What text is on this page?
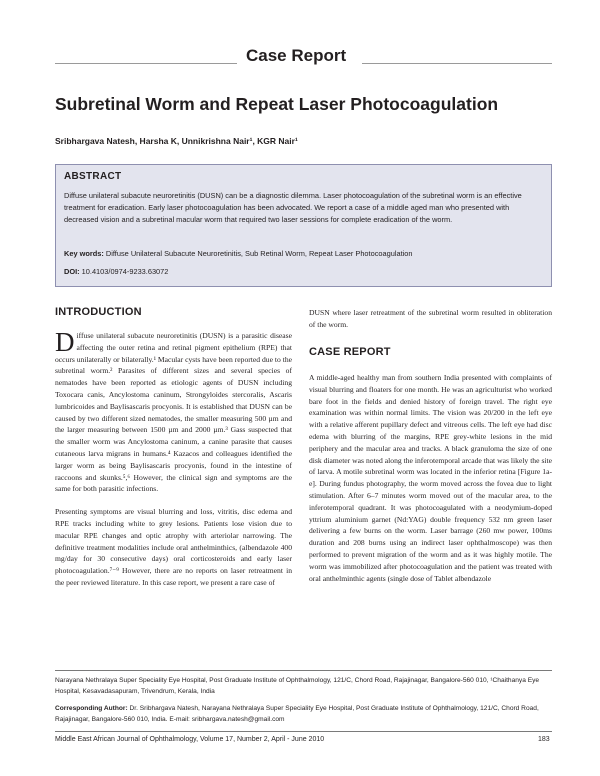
Case Report
Subretinal Worm and Repeat Laser Photocoagulation
Sribhargava Natesh, Harsha K, Unnikrishna Nair¹, KGR Nair¹
ABSTRACT
Diffuse unilateral subacute neuroretinitis (DUSN) can be a diagnostic dilemma. Laser photocoagulation of the subretinal worm is an effective treatment for eradication. Early laser photocoagulation has been advocated. We report a case of a middle aged man who presented with decreased vision and a subretinal macular worm that required two laser sessions for complete eradication of the worm.
Key words: Diffuse Unilateral Subacute Neuroretinitis, Sub Retinal Worm, Repeat Laser Photocoagulation
DOI: 10.4103/0974-9233.63072
INTRODUCTION

Diffuse unilateral subacute neuroretinitis (DUSN) is a parasitic disease affecting the outer retina and retinal pigment epithelium (RPE) that occurs unilaterally or bilaterally.¹ Macular cysts have been reported due to the subretinal worm.² Parasites of different sizes and several species of nematodes have been reported as etiologic agents of DUSN including Toxocara canis, Ancylostoma caninum, Strongyloides stercoralis, Ascaris lumbricoides and Baylisascaris procyonis. It is established that DUSN can be caused by two different sized nematodes, the smaller measuring 500 µm and the larger measuring between 1500 µm and 2000 µm.³ Gass suspected that the smaller worm was Ancylostoma caninum, a canine parasite that causes cutaneous larva migrans in humans.⁴ Kazacos and colleagues identified the larger worm as being Baylisascaris procyonis, found in the intestine of raccoons and skunks.⁵,⁶ However, the clinical sign and symptoms are the same for both parasitic infections.

Presenting symptoms are visual blurring and loss, vitritis, disc edema and RPE tracks including white to grey lesions. Patients lose vision due to macular RPE changes and optic atrophy with arteriolar narrowing. The definitive treatment modalities include oral anthelminthics, (albendazole 400 mg/day for 30 consecutive days) oral corticosteroids and early laser photocoagulation.⁷⁻⁹ However, there are no reports on laser retreatment in the peer reviewed literature. In this case report, we present a rare case of

DUSN where laser retreatment of the subretinal worm resulted in obliteration of the worm.

CASE REPORT

A middle-aged healthy man from southern India presented with complaints of visual blurring and floaters for one month. He was an agriculturist who worked bare foot in the fields and denied history of foreign travel. The right eye examination was within normal limits. The vision was 20/200 in the left eye with a relative afferent pupillary defect and vitreous cells. The left eye had disc edema with blurring of the margins, RPE grey-white lesions in the mid periphery and the macular area and tracks. A black granuloma the size of one disk diameter was noted along the inferotemporal arcade that was likely the site of larva. A motile subretinal worm was located in the inferior retina [Figure 1a-e]. During fundus photography, the worm moved across the fovea due to light stimulation. After 6–7 minutes worm moved out of the macular area, to the inferotemporal quadrant. It was photocoagulated with a neodymium-doped yttrium aluminium garnet (Nd:YAG) double frequency 532 nm green laser delivering a few burns on the worm. Laser barrage (260 mw power, 100ms duration and 208 burns using an indirect laser ophthalmoscope) was then performed to prevent migration of the worm and as it was highly motile. The worm was immobilized after photocoagulation and the patient was treated with oral anthelminthic agents (single dose of Tablet albendazole

Narayana Nethralaya Super Speciality Eye Hospital, Post Graduate Institute of Ophthalmology, 121/C, Chord Road, Rajajinagar, Bangalore-560 010, ¹Chaithanya Eye Hospital, Kesavadasapuram, Trivendrum, Kerala, India
Corresponding Author: Dr. Sribhargava Natesh, Narayana Nethralaya Super Speciality Eye Hospital, Post Graduate Institute of Ophthalmology, 121/C, Chord Road, Rajajinagar, Bangalore-560 010, India. E-mail: sribhargava.natesh@gmail.com
Middle East African Journal of Ophthalmology, Volume 17, Number 2, April - June 2010	183
